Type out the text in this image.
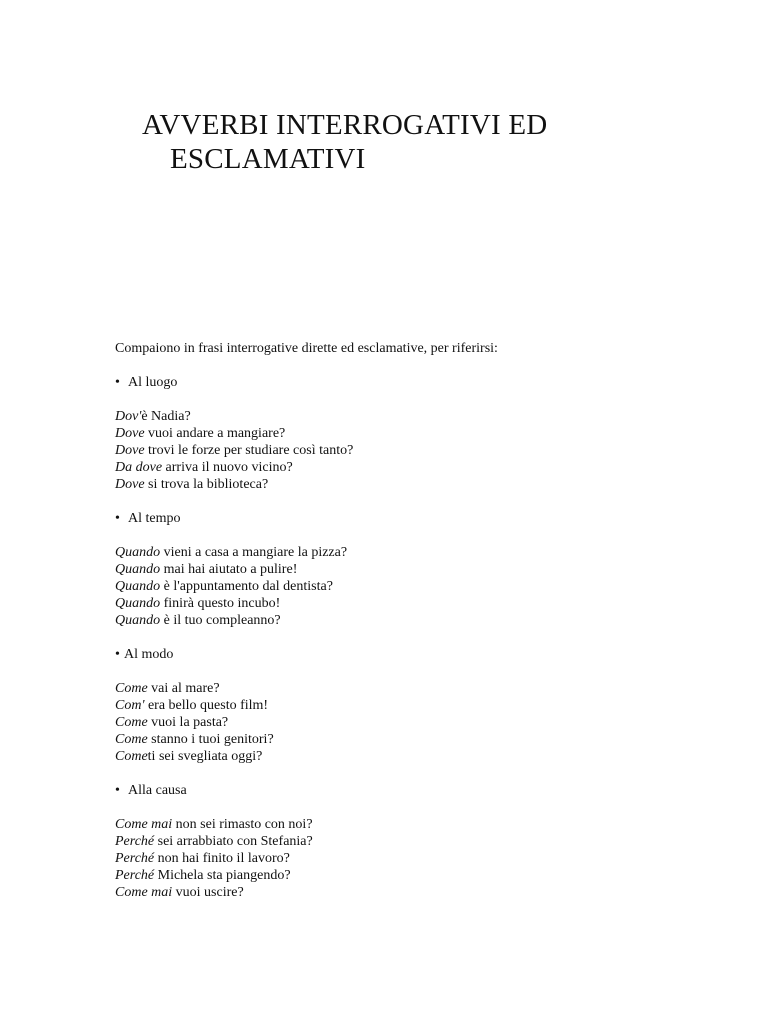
AVVERBI INTERROGATIVI ED
ESCLAMATIVI

Compaiono in frasi interrogative dirette ed esclamative, per riferirsi:

• Al luogo

Dov'è Nadia?
Dove vuoi andare a mangiare?
Dove trovi le forze per studiare così tanto?
Da dove arriva il nuovo vicino?
Dove si trova la biblioteca?

• Al tempo

Quando vieni a casa a mangiare la pizza?
Quando mai hai aiutato a pulire!
Quando è l'appuntamento dal dentista?
Quando finirà questo incubo!
Quando è il tuo compleanno?

• Al modo

Come vai al mare?
Com' era bello questo film!
Come vuoi la pasta?
Come stanno i tuoi genitori?
Cometi sei svegliata oggi?

• Alla causa

Come mai non sei rimasto con noi?
Perché sei arrabbiato con Stefania?
Perché non hai finito il lavoro?
Perché Michela sta piangendo?
Come mai vuoi uscire?
